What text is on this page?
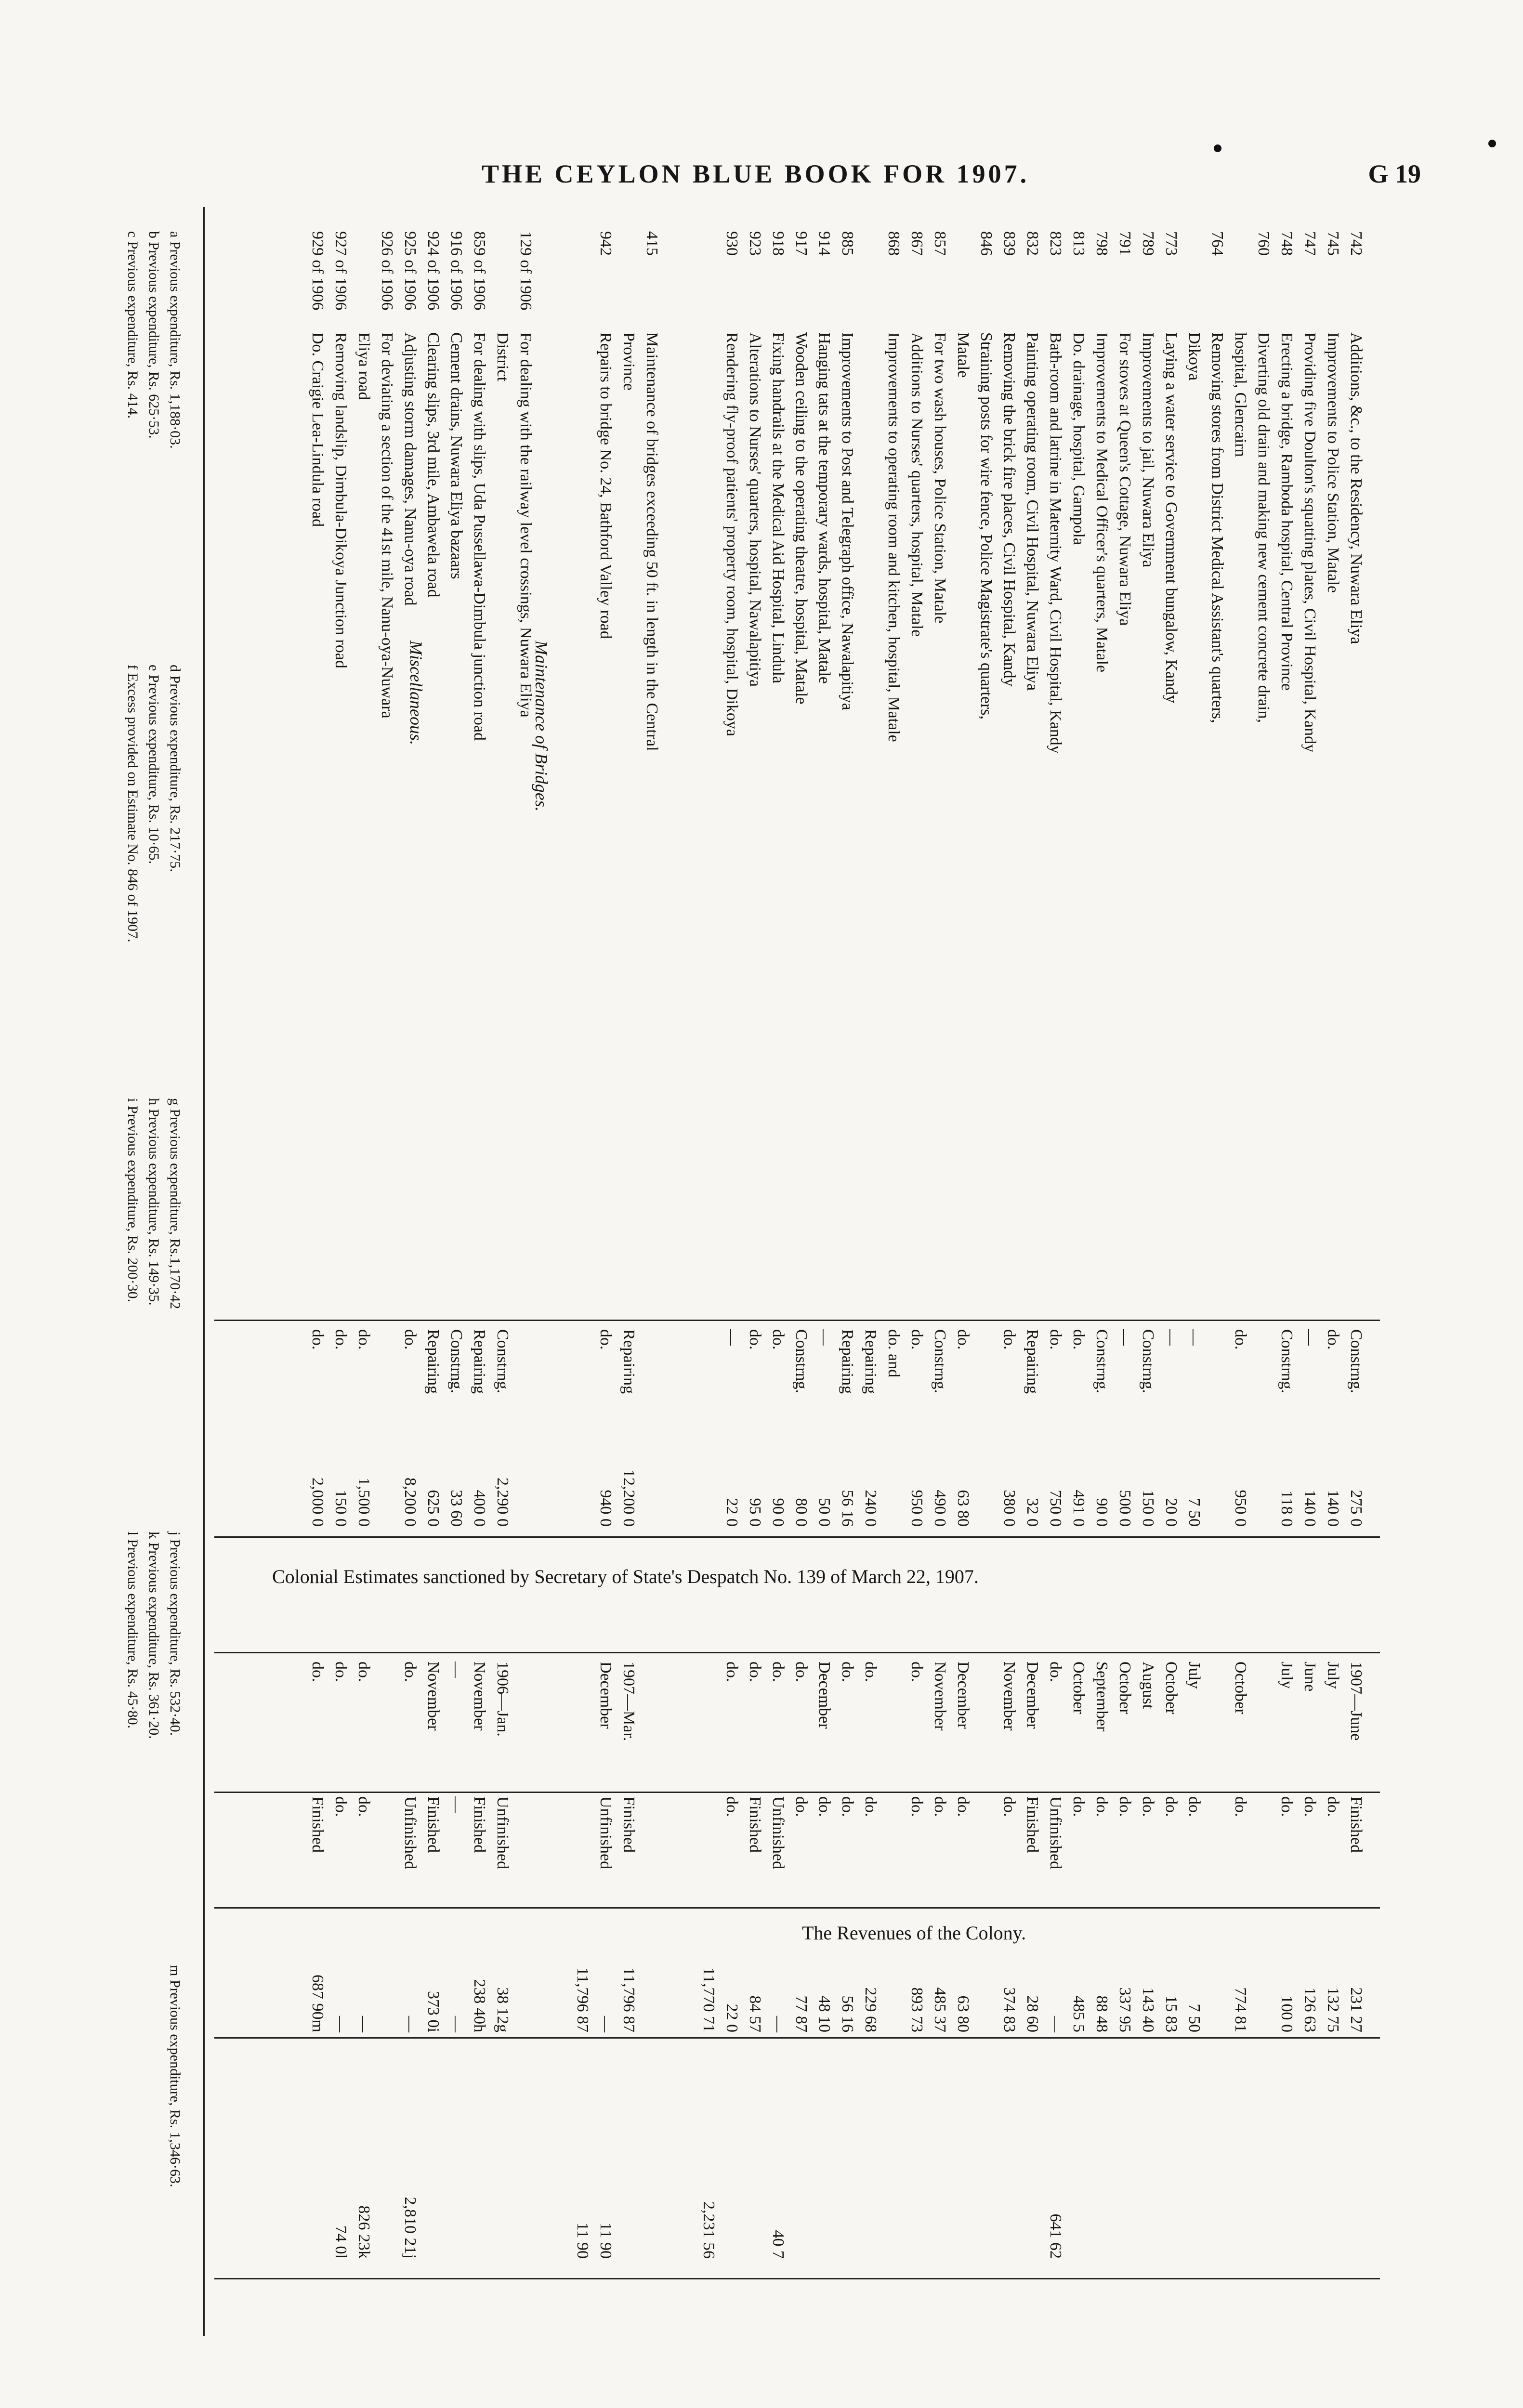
THE CEYLON BLUE BOOK FOR 1907.	G 19
Colonial Estimates sanctioned by Secretary of State's Despatch No. 139 of March 22, 1907.
The Revenues of the Colony.
Maintenance of Bridges.
Miscellaneous.
742
Additions, &c., to the Residency, Nuwara Eliya
Constrng.
275 0
1907—June
Finished
231 27
745
Improvements to Police Station, Matale
do.
140 0
July
do.
132 75
747
Providing five Doulton's squatting plates, Civil Hospital, Kandy
—
140 0
June
do.
126 63
748
Erecting a bridge, Ramboda hospital, Central Province
Constrng.
118 0
July
do.
100 0
760
Diverting old drain and making new cement concrete drain,
hospital, Glencairn
do.
950 0
October
do.
774 81
764
Removing stores from District Medical Assistant's quarters,
Dikoya
—
7 50
July
do.
7 50
773
Laying a water service to Government bungalow, Kandy
—
20 0
October
do.
15 83
789
Improvements to jail, Nuwara Eliya
Constrng.
150 0
August
do.
143 40
791
For stoves at Queen's Cottage, Nuwara Eliya
—
500 0
October
do.
337 95
798
Improvements to Medical Officer's quarters, Matale
Constrng.
90 0
September
do.
88 48
813
Do. drainage, hospital, Gampola
do.
491 0
October
do.
485 5
823
Bath-room and latrine in Maternity Ward, Civil Hospital, Kandy
do.
750 0
do.
Unfinished
—
641 62
832
Painting operating room, Civil Hospital, Nuwara Eliya
Repairing
32 0
December
Finished
28 60
839
Removing the brick fire places, Civil Hospital, Kandy
do.
380 0
November
do.
374 83
846
Straining posts for wire fence, Police Magistrate's quarters,
Matale
do.
63 80
December
do.
63 80
857
For two wash houses, Police Station, Matale
Constrng.
490 0
November
do.
485 37
867
Additions to Nurses' quarters, hospital, Matale
do.
950 0
do.
do.
893 73
868
Improvements to operating room and kitchen, hospital, Matale
do. and
Repairing
240 0
do.
do.
229 68
885
Improvements to Post and Telegraph office, Nawalapitiya
Repairing
56 16
do.
do.
56 16
914
Hanging tats at the temporary wards, hospital, Matale
—
50 0
December
do.
48 10
917
Wooden ceiling to the operating theatre, hospital, Matale
Constrng.
80 0
do.
do.
77 87
918
Fixing handrails at the Medical Aid Hospital, Lindula
do.
90 0
do.
Unfinished
—
40 7
923
Alterations to Nurses' quarters, hospital, Nawalapitiya
do.
95 0
do.
Finished
84 57
930
Rendering fly-proof patients' property room, hospital, Dikoya
—
22 0
do.
do.
22 0
11,770 71
2,231 56
415
Maintenance of bridges exceeding 50 ft. in length in the Central
Province
Repairing
12,200 0
1907—Mar.
Finished
11,796 87
942
Repairs to bridge No. 24, Bathford Valley road
do.
940 0
December
Unfinished
—
11 90
11,796 87
11 90
129 of 1906
For dealing with the railway level crossings, Nuwara Eliya
District
Constrng.
2,290 0
1906—Jan.
Unfinished
38 12g
859 of 1906
For dealing with slips, Uda Pussellawa-Dimbula junction road
Repairing
400 0
November
Finished
238 40h
916 of 1906
Cement drains, Nuwara Eliya bazaars
Constrng.
33 60
—
—
—
924 of 1906
Clearing slips, 3rd mile, Ambawela road
Repairing
625 0
November
Finished
373 0i
925 of 1906
Adjusting storm damages, Nanu-oya road
do.
8,200 0
do.
Unfinished
—
2,810 21j
926 of 1906
For deviating a section of the 41st mile, Nanu-oya-Nuwara
Eliya road
do.
1,500 0
do.
do.
—
826 23k
927 of 1906
Removing landslip, Dimbula-Dikoya Junction road
do.
150 0
do.
do.
—
74 0l
929 of 1906
Do. Craigie Lea-Lindula road
do.
2,000 0
do.
Finished
687 90m
a Previous expenditure, Rs. 1,188·03.
b Previous expenditure, Rs. 625·53.
c Previous expenditure, Rs. 414.
d Previous expenditure, Rs. 217·75.
e Previous expenditure, Rs. 10·65.
f Excess provided on Estimate No. 846 of 1907.
g Previous expenditure, Rs.1,170·42
h Previous expenditure, Rs. 149·35.
i Previous expenditure, Rs. 200·30.
j Previous expenditure, Rs. 532·40.
k Previous expenditure, Rs. 361·20.
l Previous expenditure, Rs. 45·80.
m Previous expenditure, Rs. 1,346·63.
